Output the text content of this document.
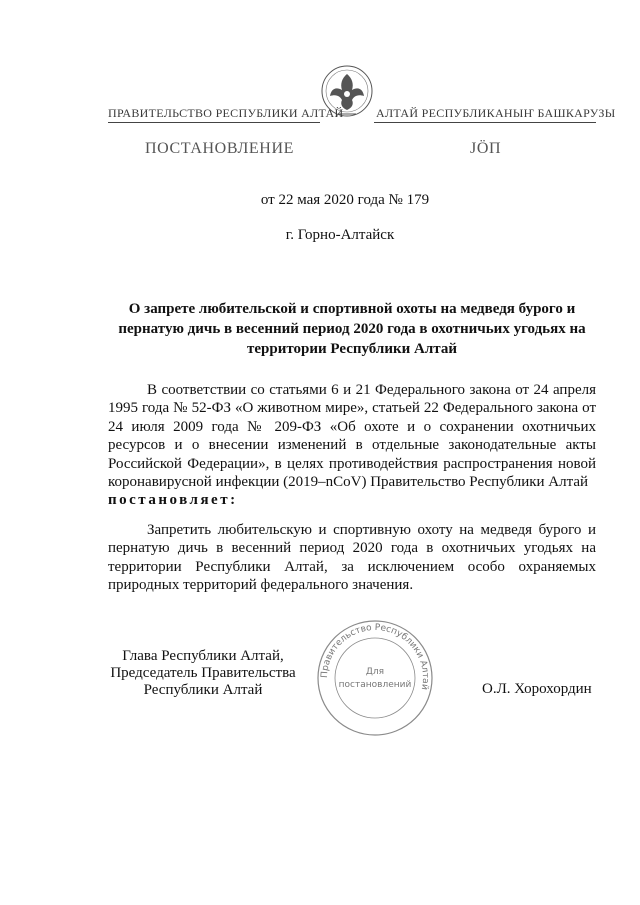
ПРАВИТЕЛЬСТВО РЕСПУБЛИКИ АЛТАЙ	АЛТАЙ РЕСПУБЛИКАНЫҤ БАШКАРУЗЫ
ПОСТАНОВЛЕНИЕ	ЈӦП
от 22 мая 2020 года № 179
г. Горно-Алтайск
О запрете любительской и спортивной охоты на медведя бурого и пернатую дичь в весенний период 2020 года в охотничьих угодьях на территории Республики Алтай
В соответствии со статьями 6 и 21 Федерального закона от 24 апреля 1995 года № 52-ФЗ «О животном мире», статьей 22 Федерального закона от 24 июля 2009 года № 209-ФЗ «Об охоте и о сохранении охотничьих ресурсов и о внесении изменений в отдельные законодательные акты Российской Федерации», в целях противодействия распространения новой коронавирусной инфекции (2019–nCoV) Правительство Республики Алтай
постановляет:
Запретить любительскую и спортивную охоту на медведя бурого и пернатую дичь в весенний период 2020 года в охотничьих угодьях на территории Республики Алтай, за исключением особо охраняемых природных территорий федерального значения.
Глава Республики Алтай,
Председатель Правительства
Республики Алтай
Правительство Республики Алтай
Для
постановлений	О.Л. Хорохордин
